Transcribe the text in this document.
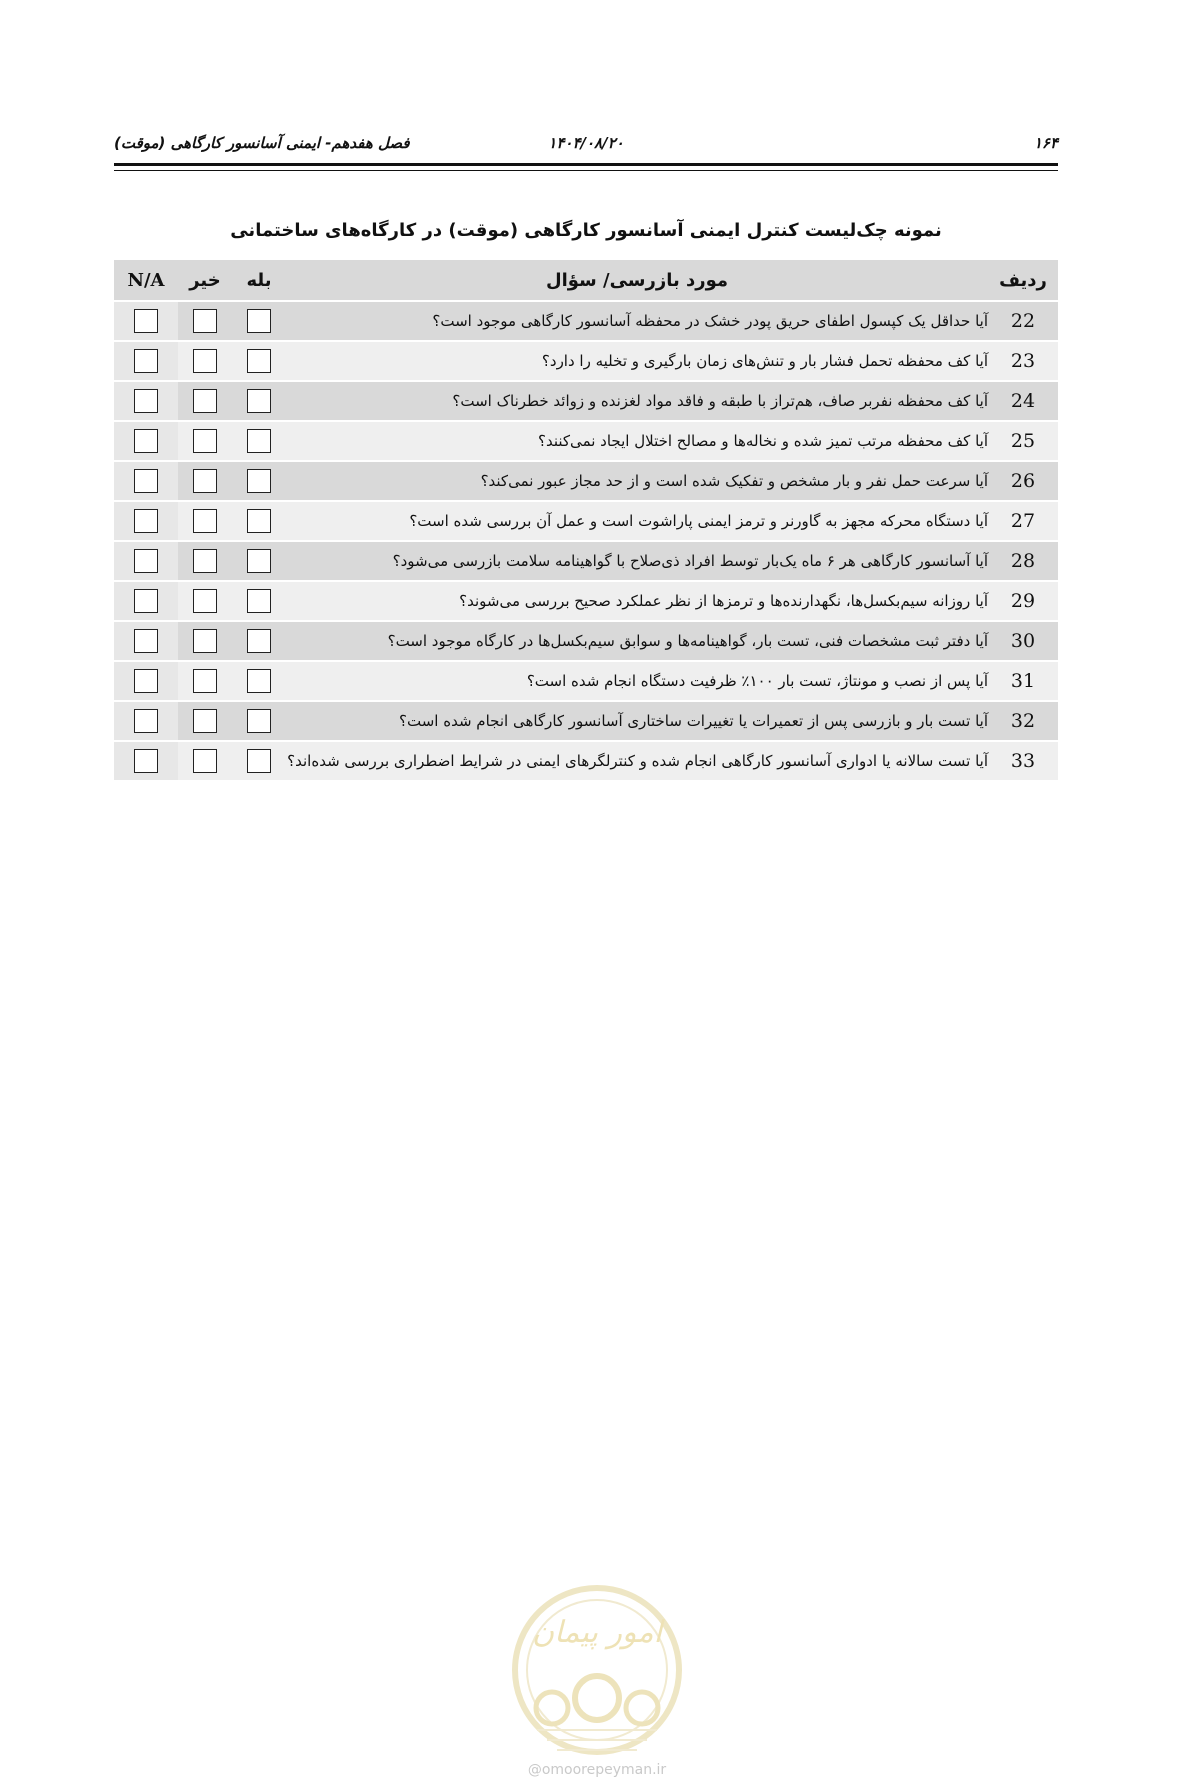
۱۶۴
۱۴۰۴/۰۸/۲۰
فصل هفدهم- ایمنی آسانسور کارگاهی (موقت)
نمونه چک‌لیست کنترل ایمنی آسانسور کارگاهی (موقت) در کارگاه‌های ساختمانی
ردیف	مورد بازرسی/ سؤال	بله	خیر	N/A
22	آیا حداقل یک کپسول اطفای حریق پودر خشک در محفظه آسانسور کارگاهی موجود است؟			
23	آیا کف محفظه تحمل فشار بار و تنش‌های زمان بارگیری و تخلیه را دارد؟			
24	آیا کف محفظه نفربر صاف، هم‌تراز با طبقه و فاقد مواد لغزنده و زوائد خطرناک است؟			
25	آیا کف محفظه مرتب تمیز شده و نخاله‌ها و مصالح اختلال ایجاد نمی‌کنند؟			
26	آیا سرعت حمل نفر و بار مشخص و تفکیک شده است و از حد مجاز عبور نمی‌کند؟			
27	آیا دستگاه محرکه مجهز به گاورنر و ترمز ایمنی پاراشوت است و عمل آن بررسی شده است؟			
28	آیا آسانسور کارگاهی هر ۶ ماه یک‌بار توسط افراد ذی‌صلاح با گواهینامه سلامت بازرسی می‌شود؟			
29	آیا روزانه سیم‌بکسل‌ها، نگهدارنده‌ها و ترمزها از نظر عملکرد صحیح بررسی می‌شوند؟			
30	آیا دفتر ثبت مشخصات فنی، تست بار، گواهینامه‌ها و سوابق سیم‌بکسل‌ها در کارگاه موجود است؟			
31	آیا پس از نصب و مونتاژ، تست بار ۱۰۰٪ ظرفیت دستگاه انجام شده است؟			
32	آیا تست بار و بازرسی پس از تعمیرات یا تغییرات ساختاری آسانسور کارگاهی انجام شده است؟			
33	آیا تست سالانه یا ادواری آسانسور کارگاهی انجام شده و کنترلگرهای ایمنی در شرایط اضطراری بررسی شده‌اند؟			
امور پیمان
@omoorepeyman.ir
